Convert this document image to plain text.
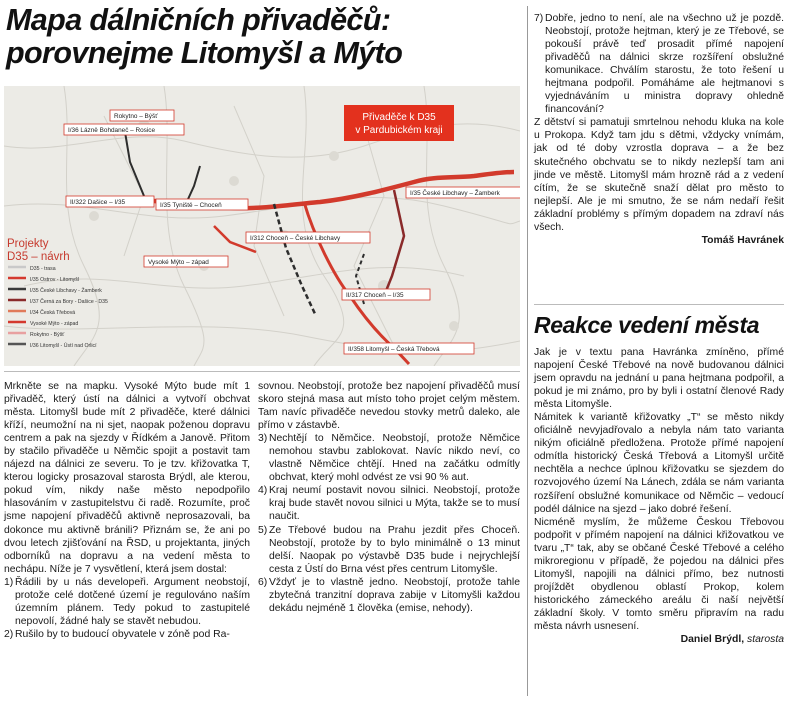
Mapa dálničních přivaděčů:
porovnejme Litomyšl a Mýto
Projekty
D35 – návrh
D35 - trasa
I/35 Ostrov - Litomyšl
I/35 České Libchavy - Žamberk
I/37 Černá za Bory - Dašice - D35
I/34 Česká Třebová
Vysoké Mýto - západ
Rokytno - Býšť
I/36 Litomyšl - Ústí nad Orlicí
Přivaděče k D35
v Pardubickém kraji
Rokytno – Býšť
I/36 Lázně Bohdaneč – Rosice
II/322 Dašice – I/35	I/35 Tyniště – Choceň
I/35 České Libchavy – Žamberk
Vysoké Mýto – západ
I/312 Choceň – České Libchavy
II/317 Choceň – I/35
II/358 Litomyšl – Česká Třebová

Mrkněte se na mapku. Vysoké Mýto bude mít 1 přivaděč, který ústí na dálnici a vytvoří obchvat města. Litomyšl bude mít 2 přivaděče, které dálnici kříží, neumožní na ni sjet, naopak poženou dopravu centrem a pak na sjezdy v Řídkém a Janově. Přitom by stačilo přivaděče u Němčic spojit a postavit tam nájezd na dálnici ze severu. To je tzv. křižovatka T, kterou logicky prosazoval starosta Brýdl, ale kterou, pokud vím, nikdy naše město nepodpořilo hlasováním v zastupitelstvu či radě. Rozumíte, proč jsme napojení přivaděčů aktivně neprosazovali, ba dokonce mu aktivně bránili? Přiznám se, že ani po dvou letech zjišťování na ŘSD, u projektanta, jiných odborníků na dopravu a na vedení města to nechápu. Níže je 7 vysvětlení, která jsem dostal:

1) Řádili by u nás developeři. Argument neobstojí, protože celé dotčené území je regulováno naším územním plánem. Tedy pokud to zastupitelé nepovolí, žádné haly se stavět nebudou.
2) Rušilo by to budoucí obyvatele v zóně pod Ra-

sovnou. Neobstojí, protože bez napojení přivaděčů musí skoro stejná masa aut místo toho projet celým městem. Tam navíc přivaděče nevedou stovky metrů daleko, ale přímo v zástavbě.

3) Nechtějí to Němčice. Neobstojí, protože Němčice nemohou stavbu zablokovat. Navíc nikdo neví, co vlastně Němčice chtějí. Hned na začátku odmítly obchvat, který mohl odvést ze vsi 90 % aut.
4) Kraj neumí postavit novou silnici. Neobstojí, protože kraj bude stavět novou silnici u Mýta, takže se to musí naučit.
5) Ze Třebové budou na Prahu jezdit přes Choceň. Neobstojí, protože by to bylo minimálně o 13 minut delší. Naopak po výstavbě D35 bude i nejrychlejší cesta z Ústí do Brna vést přes centrum Litomyšle.
6) Vždyť je to vlastně jedno. Neobstojí, protože tahle zbytečná tranzitní doprava zabije v Litomyšli každou dekádu nejméně 1 člověka (emise, nehody).
7) Dobře, jedno to není, ale na všechno už je pozdě. Neobstojí, protože hejtman, který je ze Třebové, se pokouší právě teď prosadit přímé napojení přivaděčů na dálnici skrze rozšíření obslužné komunikace. Chválím starostu, že toto řešení u hejtmana podpořil. Pomáháme ale hejtmanovi s vyjednáváním u ministra dopravy ohledně financování?

Z dětství si pamatuji smrtelnou nehodu kluka na kole u Prokopa. Když tam jdu s dětmi, vždycky vnímám, jak od té doby vzrostla doprava – a že bez skutečného obchvatu se to nikdy nezlepší tam ani jinde ve městě. Litomyšl mám hrozně rád a z vedení cítím, že se skutečně snaží dělat pro město to nejlepší. Ale je mi smutno, že se nám nedaří řešit základní problémy s přímým dopadem na zdraví nás všech.

Tomáš Havránek

Reakce vedení města

Jak je v textu pana Havránka zmíněno, přímé napojení České Třebové na nově budovanou dálnici jsem opravdu na jednání u pana hejtmana podpořil, a pokud je mi známo, pro by byli i ostatní členové Rady města Litomyšle.

Námitek k variantě křižovatky „T“ se město nikdy oficiálně nevyjadřovalo a nebyla nám tato varianta nikým oficiálně předložena. Protože přímé napojení odmítla historický Česká Třebová a Litomyšl určitě nechtěla a nechce úplnou křižovatku se sjezdem do rozvojového území Na Lánech, zdála se nám varianta rozšíření obslužné komunikace od Němčic – vedoucí podél dálnice na sjezd – jako dobré řešení.

Nicméně myslím, že můžeme Českou Třebovou podpořit v přímém napojení na dálnici křižovatkou ve tvaru „T“ tak, aby se občané České Třebové a celého mikroregionu v případě, že pojedou na dálnici přes Litomyšl, napojili na dálnici přímo, bez nutnosti projíždět obydlenou oblastí Prokop, kolem historického zámeckého areálu či naší největší základní školy. V tomto směru připravím na radu města návrh usnesení.

Daniel Brýdl, starosta
